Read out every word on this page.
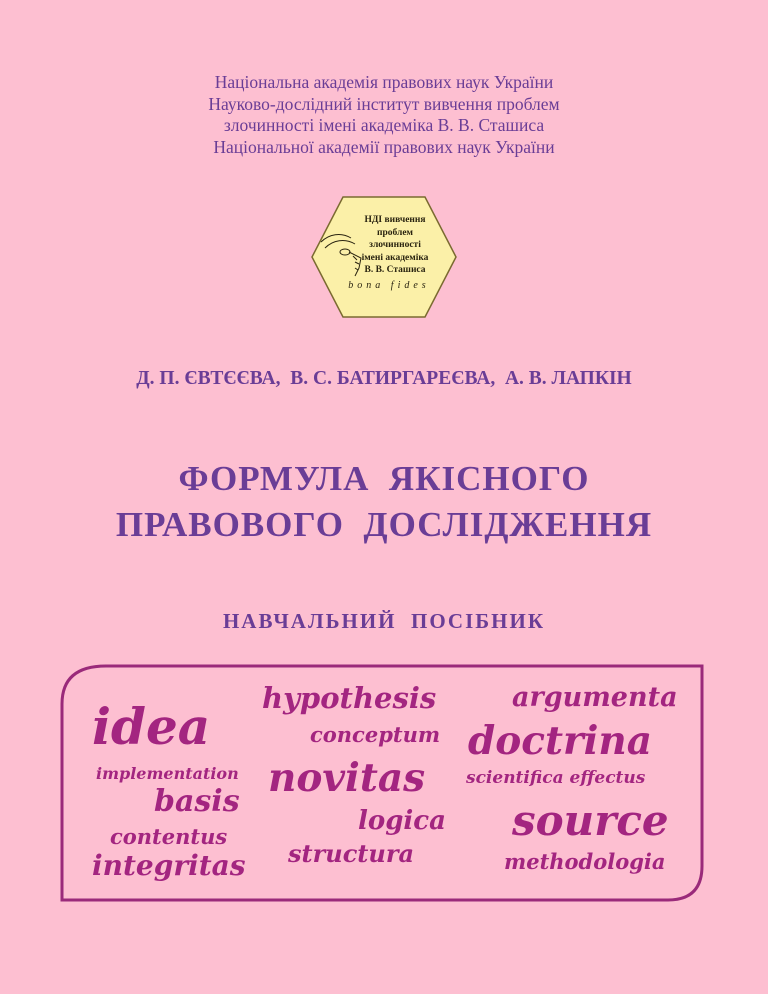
Національна академія правових наук України
Науково-дослідний інститут вивчення проблем
злочинності імені академіка В. В. Сташиса
Національної академії правових наук України
НДІ вивчення
проблем
злочинності
імені академіка
В. В. Сташиса
bona fides
Д. П. ЄВТЄЄВА,  В. С. БАТИРГАРЕЄВА,  А. В. ЛАПКІН
ФОРМУЛА  ЯКІСНОГО
ПРАВОВОГО  ДОСЛІДЖЕННЯ
НАВЧАЛЬНИЙ  ПОСІБНИК
idea hypothesis	argumenta
conceptum doctrina
implementation novitas scientifica effectus
basis
contentus
logica source
structura
integritas	methodologia
